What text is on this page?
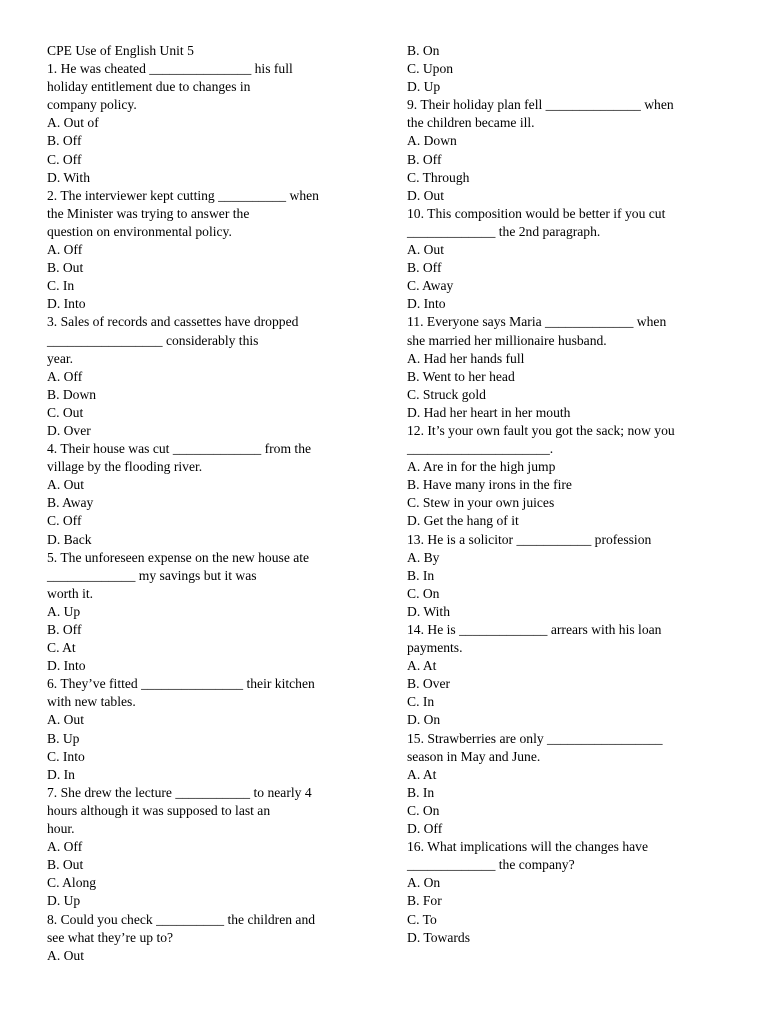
CPE Use of English Unit 5
1. He was cheated _______________ his full
holiday entitlement due to changes in
company policy.
A. Out of
B. Off
C. Off
D. With
2. The interviewer kept cutting __________ when
the Minister was trying to answer the
question on environmental policy.
A. Off
B. Out
C. In
D. Into
3. Sales of records and cassettes have dropped
_________________ considerably this
year.
A. Off
B. Down
C. Out
D. Over
4. Their house was cut _____________ from the
village by the flooding river.
A. Out
B. Away
C. Off
D. Back
5. The unforeseen expense on the new house ate
_____________ my savings but it was
worth it.
A. Up
B. Off
C. At
D. Into
6. They’ve fitted _______________ their kitchen
with new tables.
A. Out
B. Up
C. Into
D. In
7. She drew the lecture ___________ to nearly 4
hours although it was supposed to last an
hour.
A. Off
B. Out
C. Along
D. Up
8. Could you check __________ the children and
see what they’re up to?
A. Out
B. On
C. Upon
D. Up
9. Their holiday plan fell ______________ when
the children became ill.
A. Down
B. Off
C. Through
D. Out
10. This composition would be better if you cut
_____________ the 2nd paragraph.
A. Out
B. Off
C. Away
D. Into
11. Everyone says Maria _____________ when
she married her millionaire husband.
A. Had her hands full
B. Went to her head
C. Struck gold
D. Had her heart in her mouth
12. It’s your own fault you got the sack; now you
_____________________.
A. Are in for the high jump
B. Have many irons in the fire
C. Stew in your own juices
D. Get the hang of it
13. He is a solicitor ___________ profession
A. By
B. In
C. On
D. With
14. He is _____________ arrears with his loan
payments.
A. At
B. Over
C. In
D. On
15. Strawberries are only _________________
season in May and June.
A. At
B. In
C. On
D. Off
16. What implications will the changes have
_____________ the company?
A. On
B. For
C. To
D. Towards
